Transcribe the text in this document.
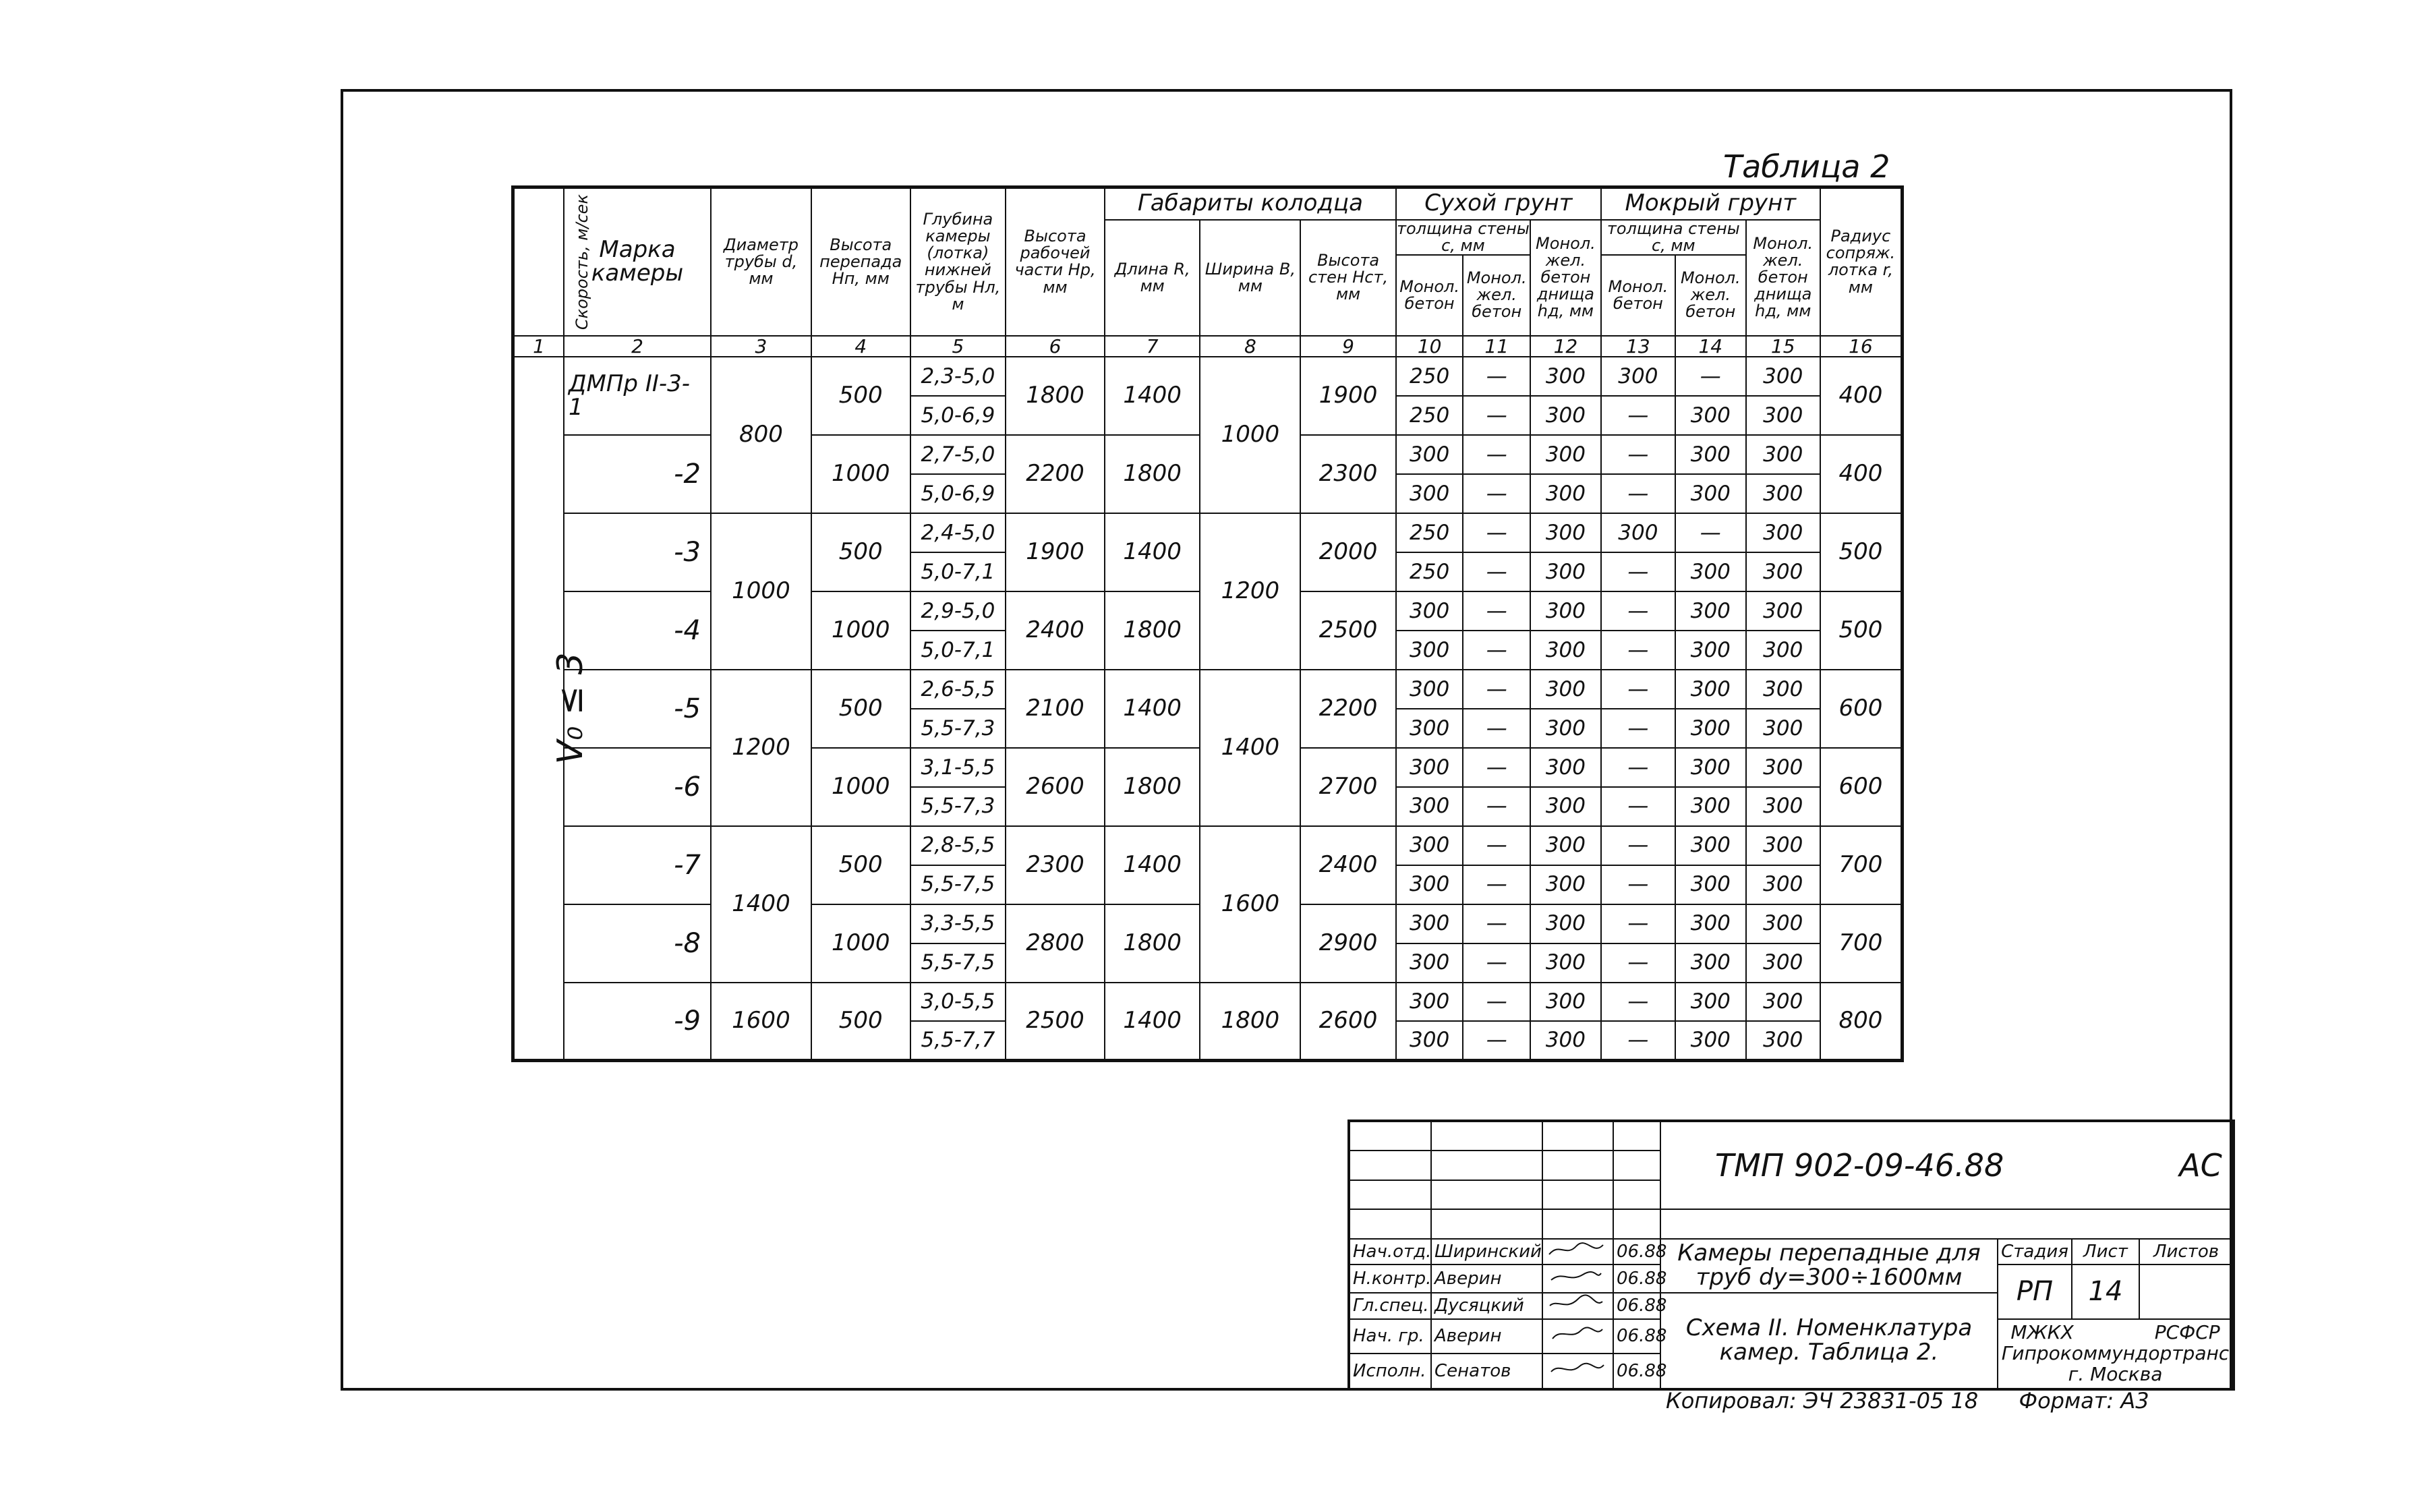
Таблица 2
Скорость, м/сек	Марка камеры	Диаметр трубы d, мм	Высота перепада Нп, мм	Глубина камеры (лотка) нижней трубы Нл, м	Высота рабочей части Нр, мм	Габариты колодца			Сухой грунт			Мокрый грунт			Радиус сопряж. лотка r, мм
						Длина R, мм	Ширина В, мм	Высота стен Нст, мм	толщина стены с, мм		Монол. жел. бетон днища hд, мм	толщина стены с, мм		Монол. жел. бетон днища hд, мм	
									Монол. бетон	Монол. жел. бетон		Монол. бетон	Монол. жел. бетон		
1	2	3	4	5	6	7	8	9	10	11	12	13	14	15	16
V₀ ≤ 3	ДМПр II-3-1	800	500	2,3-5,0	1800	1400	1000	1900	250	—	300	300	—	300	400
				5,0-6,9					250	—	300	—	300	300	
	-2		1000	2,7-5,0	2200	1800		2300	300	—	300	—	300	300	400
				5,0-6,9					300	—	300	—	300	300	
	-3	1000	500	2,4-5,0	1900	1400	1200	2000	250	—	300	300	—	300	500
				5,0-7,1					250	—	300	—	300	300	
	-4		1000	2,9-5,0	2400	1800		2500	300	—	300	—	300	300	500
				5,0-7,1					300	—	300	—	300	300	
	-5	1200	500	2,6-5,5	2100	1400	1400	2200	300	—	300	—	300	300	600
				5,5-7,3					300	—	300	—	300	300	
	-6		1000	3,1-5,5	2600	1800		2700	300	—	300	—	300	300	600
				5,5-7,3					300	—	300	—	300	300	
	-7	1400	500	2,8-5,5	2300	1400	1600	2400	300	—	300	—	300	300	700
				5,5-7,5					300	—	300	—	300	300	
	-8		1000	3,3-5,5	2800	1800		2900	300	—	300	—	300	300	700
				5,5-7,5					300	—	300	—	300	300	
	-9	1600	500	3,0-5,5	2500	1400	1800	2600	300	—	300	—	300	300	800
				5,5-7,7					300	—	300	—	300	300	
				ТМП 902-09-46.88 АС			

Нач.отд.	Ширинский		06.88	Камеры перепадные для труб dy=300÷1600мм	Стадия	Лист	Листов
Н.контр.	Аверин		06.88		РП	14	
Гл.спец.	Дусяцкий		06.88	Схема II. Номенклатура камер. Таблица 2.			
Нач. гр.	Аверин		06.88		МЖКХ РСФСР
Гипрокоммундортранс
г. Москва		

Исполн.	Сенатов		06.88				
Копировал: ЭЧ 23831-05 18 Формат: А3
